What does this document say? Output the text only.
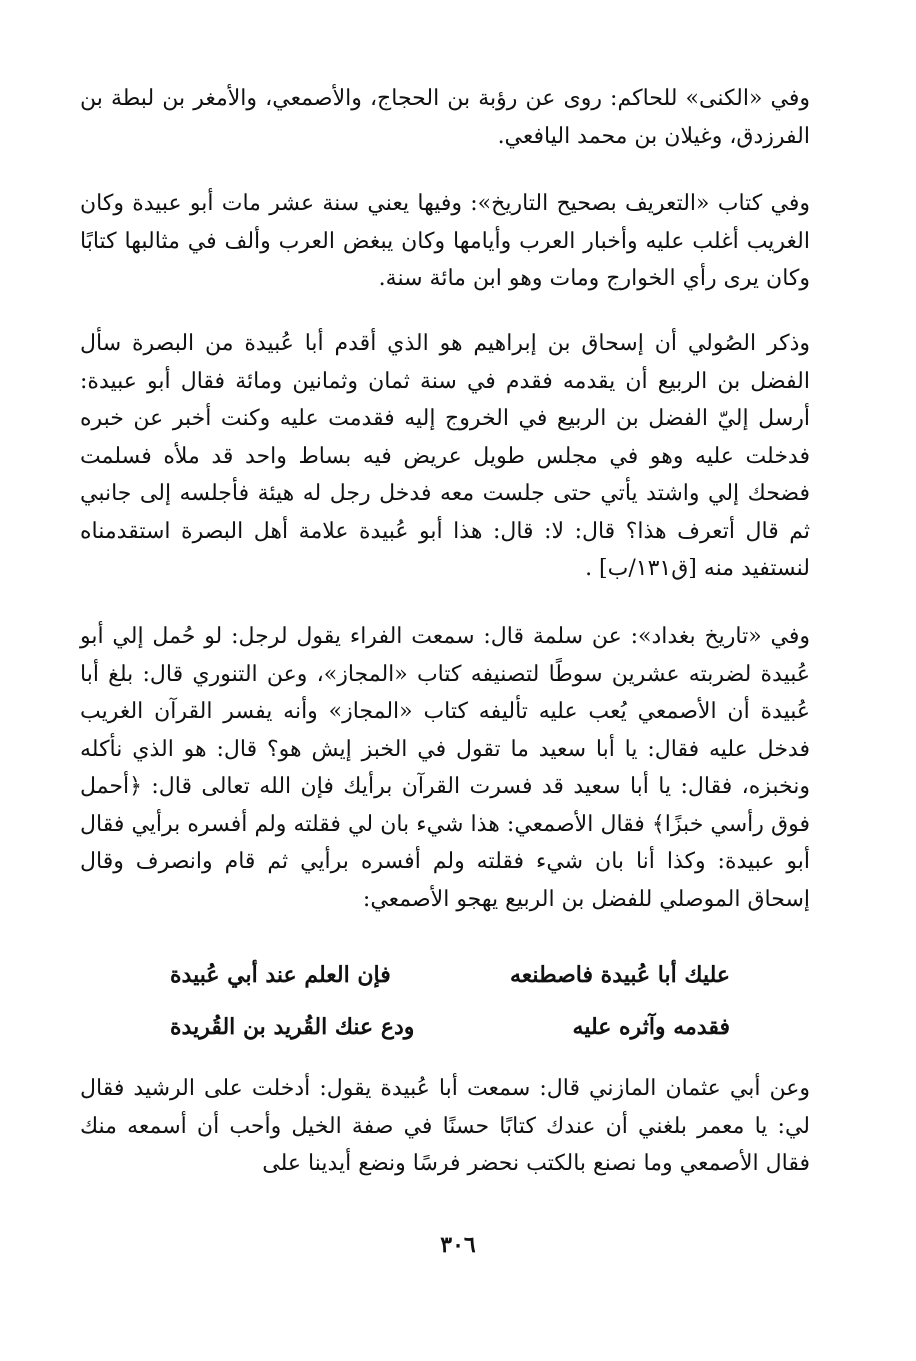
وفي «الكنى» للحاكم: روى عن رؤبة بن الحجاج، والأصمعي، والأمغر بن لبطة بن الفرزدق، وغيلان بن محمد اليافعي.

وفي كتاب «التعريف بصحيح التاريخ»: وفيها يعني سنة عشر مات أبو عبيدة وكان الغريب أغلب عليه وأخبار العرب وأيامها وكان يبغض العرب وألف في مثالبها كتابًا وكان يرى رأي الخوارج ومات وهو ابن مائة سنة.

وذكر الصُولي أن إسحاق بن إبراهيم هو الذي أقدم أبا عُبيدة من البصرة سأل الفضل بن الربيع أن يقدمه فقدم في سنة ثمان وثمانين ومائة فقال أبو عبيدة: أرسل إليّ الفضل بن الربيع في الخروج إليه فقدمت عليه وكنت أخبر عن خبره فدخلت عليه وهو في مجلس طويل عريض فيه بساط واحد قد ملأه فسلمت فضحك إلي واشتد يأتي حتى جلست معه فدخل رجل له هيئة فأجلسه إلى جانبي ثم قال أتعرف هذا؟ قال: لا: قال: هذا أبو عُبيدة علامة أهل البصرة استقدمناه لنستفيد منه [ق١٣١/ب] .

وفي «تاريخ بغداد»: عن سلمة قال: سمعت الفراء يقول لرجل: لو حُمل إلي أبو عُبيدة لضربته عشرين سوطًا لتصنيفه كتاب «المجاز»، وعن التنوري قال: بلغ أبا عُبيدة أن الأصمعي يُعب عليه تأليفه كتاب «المجاز» وأنه يفسر القرآن الغريب فدخل عليه فقال: يا أبا سعيد ما تقول في الخبز إيش هو؟ قال: هو الذي نأكله ونخبزه، فقال: يا أبا سعيد قد فسرت القرآن برأيك فإن الله تعالى قال: ﴿أحمل فوق رأسي خبزًا﴾ فقال الأصمعي: هذا شيء بان لي فقلته ولم أفسره برأيي فقال أبو عبيدة: وكذا أنا بان شيء فقلته ولم أفسره برأيي ثم قام وانصرف وقال إسحاق الموصلي للفضل بن الربيع يهجو الأصمعي:

عليك أبا عُبيدة فاصطنعه
فإن العلم عند أبي عُبيدة
فقدمه وآثره عليه
ودع عنك القُريد بن القُريدة

وعن أبي عثمان المازني قال: سمعت أبا عُبيدة يقول: أدخلت على الرشيد فقال لي: يا معمر بلغني أن عندك كتابًا حسنًا في صفة الخيل وأحب أن أسمعه منك فقال الأصمعي وما نصنع بالكتب نحضر فرسًا ونضع أيدينا على

٣٠٦
